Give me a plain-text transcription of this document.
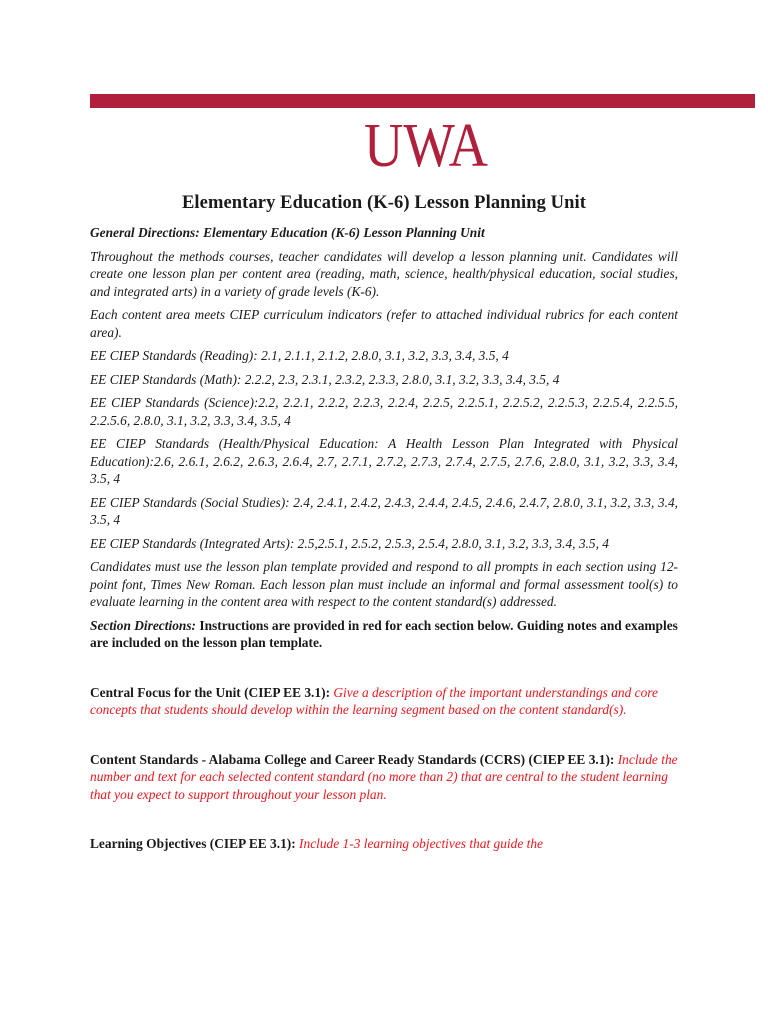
UWA
Elementary Education (K-6) Lesson Planning Unit

General Directions: Elementary Education (K-6) Lesson Planning Unit

Throughout the methods courses, teacher candidates will develop a lesson planning unit. Candidates will create one lesson plan per content area (reading, math, science, health/physical education, social studies, and integrated arts) in a variety of grade levels (K-6).

Each content area meets CIEP curriculum indicators (refer to attached individual rubrics for each content area).

EE CIEP Standards (Reading): 2.1, 2.1.1, 2.1.2, 2.8.0, 3.1, 3.2, 3.3, 3.4, 3.5, 4

EE CIEP Standards (Math): 2.2.2, 2.3, 2.3.1, 2.3.2, 2.3.3, 2.8.0, 3.1, 3.2, 3.3, 3.4, 3.5, 4

EE CIEP Standards (Science):2.2, 2.2.1, 2.2.2, 2.2.3, 2.2.4, 2.2.5, 2.2.5.1, 2.2.5.2, 2.2.5.3, 2.2.5.4, 2.2.5.5, 2.2.5.6, 2.8.0, 3.1, 3.2, 3.3, 3.4, 3.5, 4

EE CIEP Standards (Health/Physical Education: A Health Lesson Plan Integrated with Physical Education):2.6, 2.6.1, 2.6.2, 2.6.3, 2.6.4, 2.7, 2.7.1, 2.7.2, 2.7.3, 2.7.4, 2.7.5, 2.7.6, 2.8.0, 3.1, 3.2, 3.3, 3.4, 3.5, 4

EE CIEP Standards (Social Studies): 2.4, 2.4.1, 2.4.2, 2.4.3, 2.4.4, 2.4.5, 2.4.6, 2.4.7, 2.8.0, 3.1, 3.2, 3.3, 3.4, 3.5, 4

EE CIEP Standards (Integrated Arts): 2.5,2.5.1, 2.5.2, 2.5.3, 2.5.4, 2.8.0, 3.1, 3.2, 3.3, 3.4, 3.5, 4

Candidates must use the lesson plan template provided and respond to all prompts in each section using 12-point font, Times New Roman. Each lesson plan must include an informal and formal assessment tool(s) to evaluate learning in the content area with respect to the content standard(s) addressed.

Section Directions: Instructions are provided in red for each section below. Guiding notes and examples are included on the lesson plan template.

Central Focus for the Unit (CIEP EE 3.1): Give a description of the important understandings and core concepts that students should develop within the learning segment based on the content standard(s).

Content Standards - Alabama College and Career Ready Standards (CCRS) (CIEP EE 3.1): Include the number and text for each selected content standard (no more than 2) that are central to the student learning that you expect to support throughout your lesson plan.

Learning Objectives (CIEP EE 3.1): Include 1-3 learning objectives that guide the
